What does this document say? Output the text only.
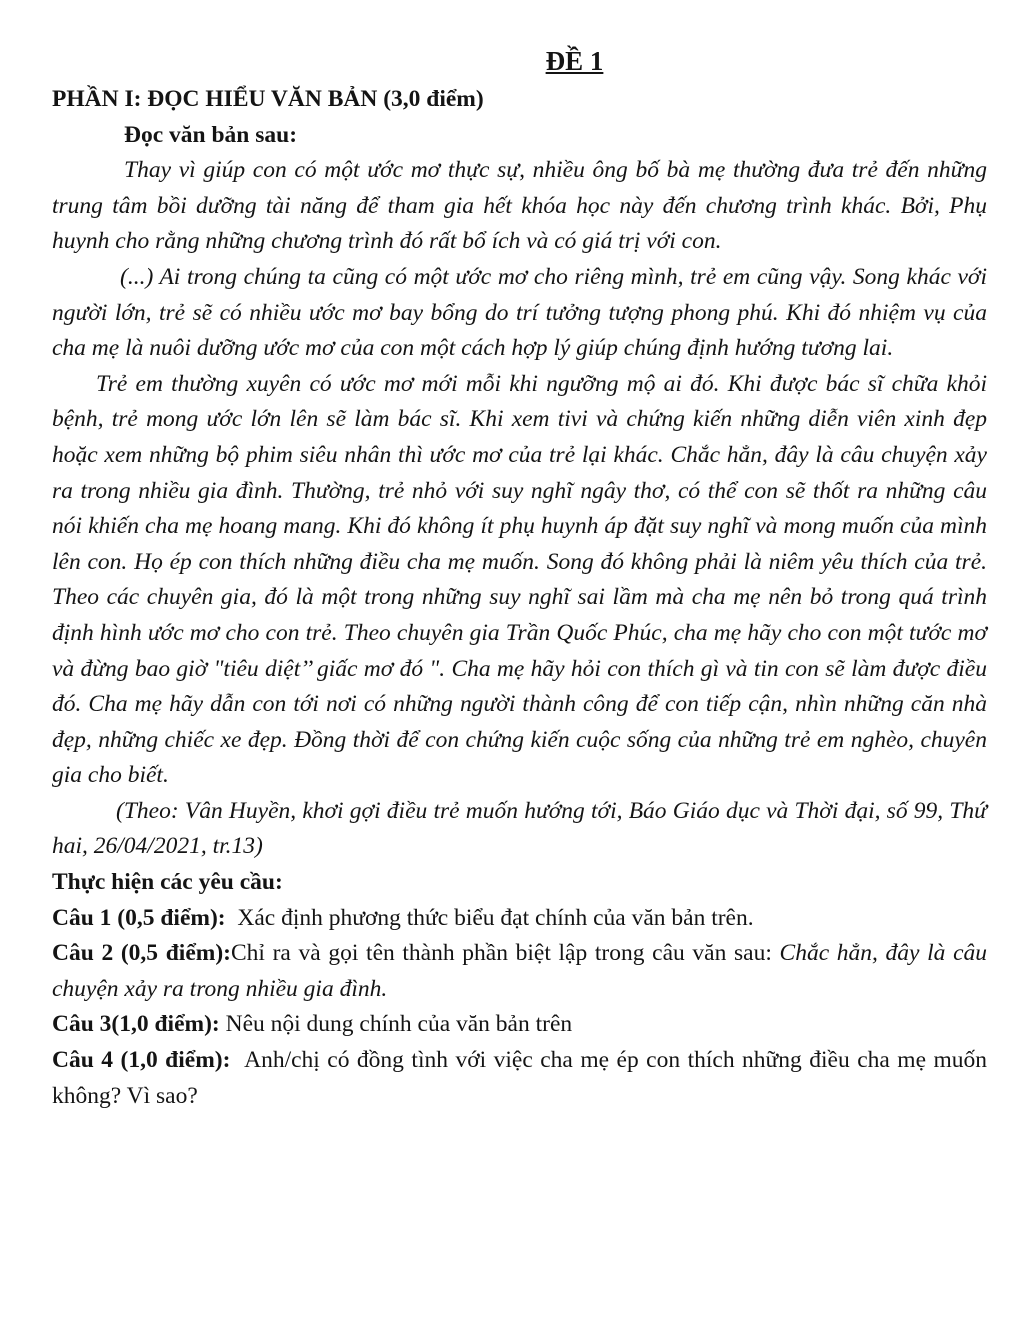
ĐỀ 1

PHẦN I: ĐỌC HIỂU VĂN BẢN (3,0 điểm)

Đọc văn bản sau:

Thay vì giúp con có một ước mơ thực sự, nhiều ông bố bà mẹ thường đưa trẻ đến những trung tâm bồi dưỡng tài năng để tham gia hết khóa học này đến chương trình khác. Bởi, Phụ huynh cho rằng những chương trình đó rất bổ ích và có giá trị với con.

(...) Ai trong chúng ta cũng có một ước mơ cho riêng mình, trẻ em cũng vậy. Song khác với người lớn, trẻ sẽ có nhiều ước mơ bay bổng do trí tưởng tượng phong phú. Khi đó nhiệm vụ của cha mẹ là nuôi dưỡng ước mơ của con một cách hợp lý giúp chúng định hướng tương lai.

Trẻ em thường xuyên có ước mơ mới mỗi khi ngưỡng mộ ai đó. Khi được bác sĩ chữa khỏi bệnh, trẻ mong ước lớn lên sẽ làm bác sĩ. Khi xem tivi và chứng kiến những diễn viên xinh đẹp hoặc xem những bộ phim siêu nhân thì ước mơ của trẻ lại khác. Chắc hẳn, đây là câu chuyện xảy ra trong nhiều gia đình. Thường, trẻ nhỏ với suy nghĩ ngây thơ, có thể con sẽ thốt ra những câu nói khiến cha mẹ hoang mang. Khi đó không ít phụ huynh áp đặt suy nghĩ và mong muốn của mình lên con. Họ ép con thích những điều cha mẹ muốn. Song đó không phải là niêm yêu thích của trẻ. Theo các chuyên gia, đó là một trong những suy nghĩ sai lầm mà cha mẹ nên bỏ trong quá trình định hình ước mơ cho con trẻ. Theo chuyên gia Trần Quốc Phúc, cha mẹ hãy cho con một tước mơ và đừng bao giờ "tiêu diệt’’ giấc mơ đó ". Cha mẹ hãy hỏi con thích gì và tin con sẽ làm được điều đó. Cha mẹ hãy dẫn con tới nơi có những người thành công để con tiếp cận, nhìn những căn nhà đẹp, những chiếc xe đẹp. Đồng thời để con chứng kiến cuộc sống của những trẻ em nghèo, chuyên gia cho biết.

(Theo: Vân Huyền, khơi gợi điều trẻ muốn hướng tới, Báo Giáo dục và Thời đại, số 99, Thứ hai, 26/04/2021, tr.13)

Thực hiện các yêu cầu:

Câu 1 (0,5 điểm):  Xác định phương thức biểu đạt chính của văn bản trên.

Câu 2 (0,5 điểm):Chỉ ra và gọi tên thành phần biệt lập trong câu văn sau: Chắc hẳn, đây là câu chuyện xảy ra trong nhiều gia đình.

Câu 3(1,0 điểm): Nêu nội dung chính của văn bản trên

Câu 4 (1,0 điểm):  Anh/chị có đồng tình với việc cha mẹ ép con thích những điều cha mẹ muốn không? Vì sao?
